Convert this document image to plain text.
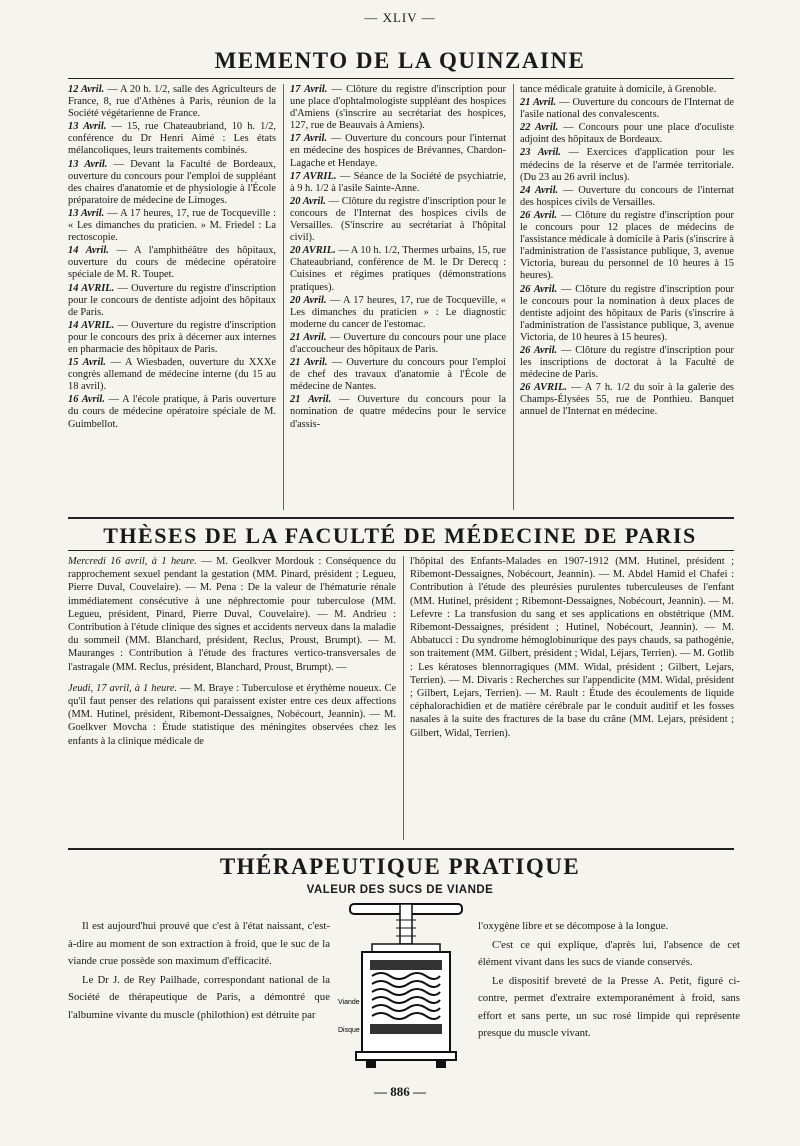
— XLIV —
MEMENTO DE LA QUINZAINE

12 Avril. — A 20 h. 1/2, salle des Agriculteurs de France, 8, rue d'Athènes à Paris, réunion de la Société végétarienne de France.

13 Avril. — 15, rue Chateaubriand, 10 h. 1/2, conférence du Dr Henri Aimé : Les états mélancoliques, leurs traitements combinés.

13 Avril. — Devant la Faculté de Bordeaux, ouverture du concours pour l'emploi de suppléant des chaires d'anatomie et de physiologie à l'École préparatoire de médecine de Limoges.

13 Avril. — A 17 heures, 17, rue de Tocqueville : « Les dimanches du praticien. » M. Friedel : La rectoscopie.

14 Avril. — A l'amphithéâtre des hôpitaux, ouverture du cours de médecine opératoire spéciale de M. R. Toupet.

14 AVRIL. — Ouverture du registre d'inscription pour le concours de dentiste adjoint des hôpitaux de Paris.

14 AVRIL. — Ouverture du registre d'inscription pour le concours des prix à décerner aux internes en pharmacie des hôpitaux de Paris.

15 Avril. — A Wiesbaden, ouverture du XXXe congrès allemand de médecine interne (du 15 au 18 avril).

16 Avril. — A l'école pratique, à Paris ouverture du cours de médecine opératoire spéciale de M. Guimbellot.

17 Avril. — Clôture du registre d'inscription pour une place d'ophtalmologiste suppléant des hospices d'Amiens (s'inscrire au secrétariat des hospices, 127, rue de Beauvais à Amiens).

17 Avril. — Ouverture du concours pour l'internat en médecine des hospices de Brévannes, Chardon-Lagache et Hendaye.

17 AVRIL. — Séance de la Société de psychiatrie, à 9 h. 1/2 à l'asile Sainte-Anne.

20 Avril. — Clôture du registre d'inscription pour le concours de l'Internat des hospices civils de Versailles. (S'inscrire au secrétariat à l'hôpital civil).

20 AVRIL. — A 10 h. 1/2, Thermes urbains, 15, rue Chateaubriand, conférence de M. le Dr Derecq : Cuisines et régimes pratiques (démonstrations pratiques).

20 Avril. — A 17 heures, 17, rue de Tocqueville, « Les dimanches du praticien » : Le diagnostic moderne du cancer de l'estomac.

21 Avril. — Ouverture du concours pour une place d'accoucheur des hôpitaux de Paris.

21 Avril. — Ouverture du concours pour l'emploi de chef des travaux d'anatomie à l'École de médecine de Nantes.

21 Avril. — Ouverture du concours pour la nomination de quatre médecins pour le service d'assis-

tance médicale gratuite à domicile, à Grenoble.

21 Avril. — Ouverture du concours de l'Internat de l'asile national des convalescents.

22 Avril. — Concours pour une place d'oculiste adjoint des hôpitaux de Bordeaux.

23 Avril. — Exercices d'application pour les médecins de la réserve et de l'armée territoriale. (Du 23 au 26 avril inclus).

24 Avril. — Ouverture du concours de l'internat des hospices civils de Versailles.

26 Avril. — Clôture du registre d'inscription pour le concours pour 12 places de médecins de l'assistance médicale à domicile à Paris (s'inscrire à l'administration de l'assistance publique, 3, avenue Victoria, bureau du personnel de 10 heures à 15 heures).

26 Avril. — Clôture du registre d'inscription pour le concours pour la nomination à deux places de dentiste adjoint des hôpitaux de Paris (s'inscrire à l'administration de l'assistance publique, 3, avenue Victoria, de 10 heures à 15 heures).

26 Avril. — Clôture du registre d'inscription pour les inscriptions de doctorat à la Faculté de médecine de Paris.

26 AVRIL. — A 7 h. 1/2 du soir à la galerie des Champs-Élysées 55, rue de Ponthieu. Banquet annuel de l'Internat en médecine.

THÈSES DE LA FACULTÉ DE MÉDECINE DE PARIS

Mercredi 16 avril, à 1 heure. — M. Geolkver Mordouk : Conséquence du rapprochement sexuel pendant la gestation (MM. Pinard, président ; Legueu, Pierre Duval, Couvelaire). — M. Pena : De la valeur de l'hématurie rénale immédiatement consécutive à une néphrectomie pour tuberculose (MM. Legueu, président, Pinard, Pierre Duval, Couvelaire). — M. Andrieu : Contribution à l'étude clinique des signes et accidents nerveux dans la maladie du sommeil (MM. Blanchard, président, Reclus, Proust, Brumpt). — M. Mauranges : Contribution à l'étude des fractures vertico-transversales de l'astragale (MM. Reclus, président, Blanchard, Proust, Brumpt). —

Jeudi, 17 avril, à 1 heure. — M. Braye : Tuberculose et érythème noueux. Ce qu'il faut penser des relations qui paraissent exister entre ces deux affections (MM. Hutinel, président, Ribemont-Dessaignes, Nobécourt, Jeannin). — M. Goelkver Movcha : Étude statistique des méningites observées chez les enfants à la clinique médicale de

l'hôpital des Enfants-Malades en 1907-1912 (MM. Hutinel, président ; Ribemont-Dessaignes, Nobécourt, Jeannin). — M. Abdel Hamid el Chafei : Contribution à l'étude des pleurésies purulentes tuberculeuses de l'enfant (MM. Hutinel, président ; Ribemont-Dessaignes, Nobécourt, Jeannin). — M. Lefevre : La transfusion du sang et ses applications en obstétrique (MM. Ribemont-Dessaignes, président ; Hutinel, Nobécourt, Jeannin). — M. Abbatucci : Du syndrome hémoglobinurique des pays chauds, sa pathogénie, son traitement (MM. Gilbert, président ; Widal, Léjars, Terrien). — M. Gotlib : Les kératoses blennorragiques (MM. Widal, président ; Gilbert, Lejars, Terrien). — M. Divaris : Recherches sur l'appendicite (MM. Widal, président ; Gilbert, Lejars, Terrien). — M. Rault : Étude des écoulements de liquide céphalorachidien et de matière cérébrale par le conduit auditif et les fosses nasales à la suite des fractures de la base du crâne (MM. Lejars, président ; Gilbert, Widal, Terrien).

THÉRAPEUTIQUE PRATIQUE
VALEUR DES SUCS DE VIANDE

Il est aujourd'hui prouvé que c'est à l'état naissant, c'est-à-dire au moment de son extraction à froid, que le suc de la viande crue possède son maximum d'efficacité.

Le Dr J. de Rey Pailhade, correspondant national de la Société de thérapeutique de Paris, a démontré que l'albumine vivante du muscle (philothion) est détruite par

Viande
Disque

l'oxygène libre et se décompose à la longue.

C'est ce qui explique, d'après lui, l'absence de cet élément vivant dans les sucs de viande conservés.

Le dispositif breveté de la Presse A. Petit, figuré ci-contre, permet d'extraire extemporanément à froid, sans effort et sans perte, un suc rosé limpide qui représente presque du muscle vivant.

— 886 —
